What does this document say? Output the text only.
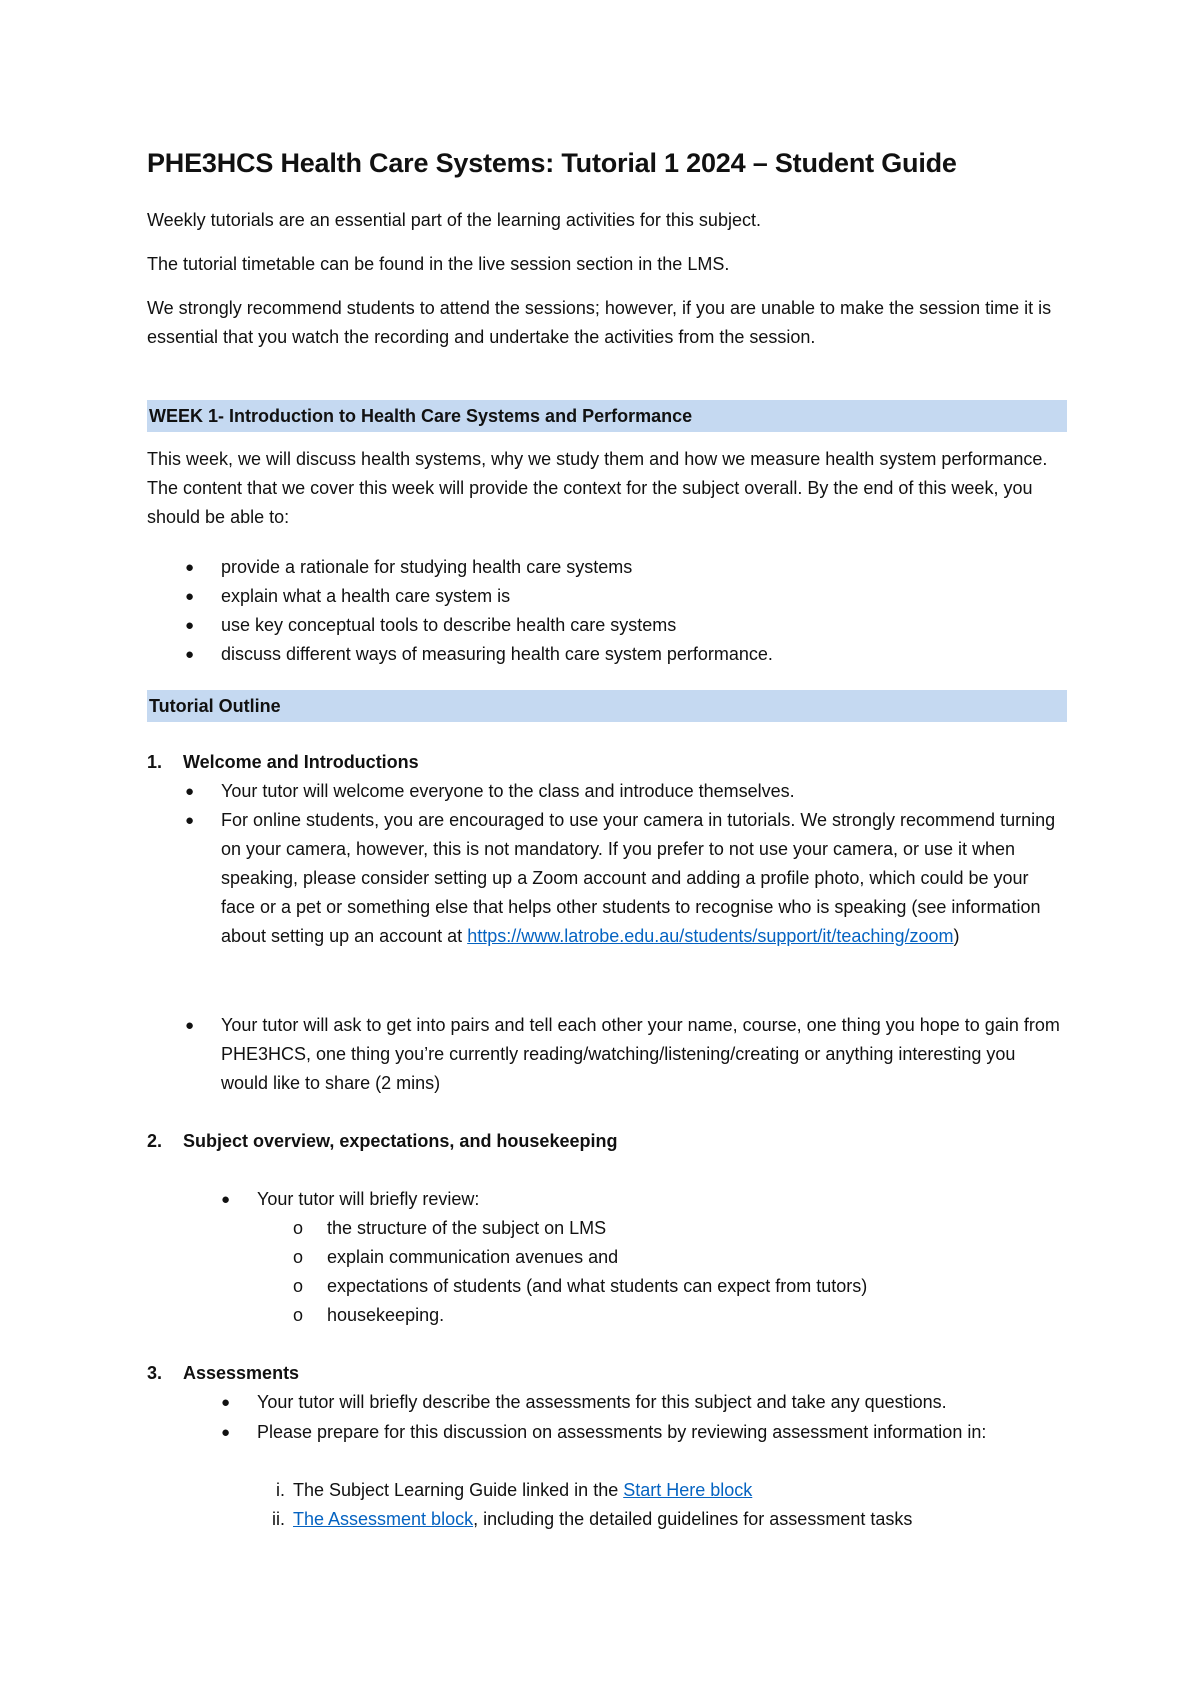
PHE3HCS Health Care Systems: Tutorial 1 2024 – Student Guide
Weekly tutorials are an essential part of the learning activities for this subject.
The tutorial timetable can be found in the live session section in the LMS.
We strongly recommend students to attend the sessions; however, if you are unable to make the session time it is essential that you watch the recording and undertake the activities from the session.
WEEK 1- Introduction to Health Care Systems and Performance
This week, we will discuss health systems, why we study them and how we measure health system performance. The content that we cover this week will provide the context for the subject overall. By the end of this week, you should be able to:
● provide a rationale for studying health care systems
● explain what a health care system is
● use key conceptual tools to describe health care systems
● discuss different ways of measuring health care system performance.
Tutorial Outline
1. Welcome and Introductions
● Your tutor will welcome everyone to the class and introduce themselves.
● For online students, you are encouraged to use your camera in tutorials. We strongly recommend turning on your camera, however, this is not mandatory. If you prefer to not use your camera, or use it when speaking, please consider setting up a Zoom account and adding a profile photo, which could be your face or a pet or something else that helps other students to recognise who is speaking (see information about setting up an account at https://www.latrobe.edu.au/students/support/it/teaching/zoom)
● Your tutor will ask to get into pairs and tell each other your name, course, one thing you hope to gain from PHE3HCS, one thing you’re currently reading/watching/listening/creating or anything interesting you would like to share (2 mins)
2. Subject overview, expectations, and housekeeping
● Your tutor will briefly review:
o the structure of the subject on LMS
o explain communication avenues and
o expectations of students (and what students can expect from tutors)
o housekeeping.
3. Assessments
● Your tutor will briefly describe the assessments for this subject and take any questions.
● Please prepare for this discussion on assessments by reviewing assessment information in:
i. The Subject Learning Guide linked in the Start Here block
ii. The Assessment block, including the detailed guidelines for assessment tasks
